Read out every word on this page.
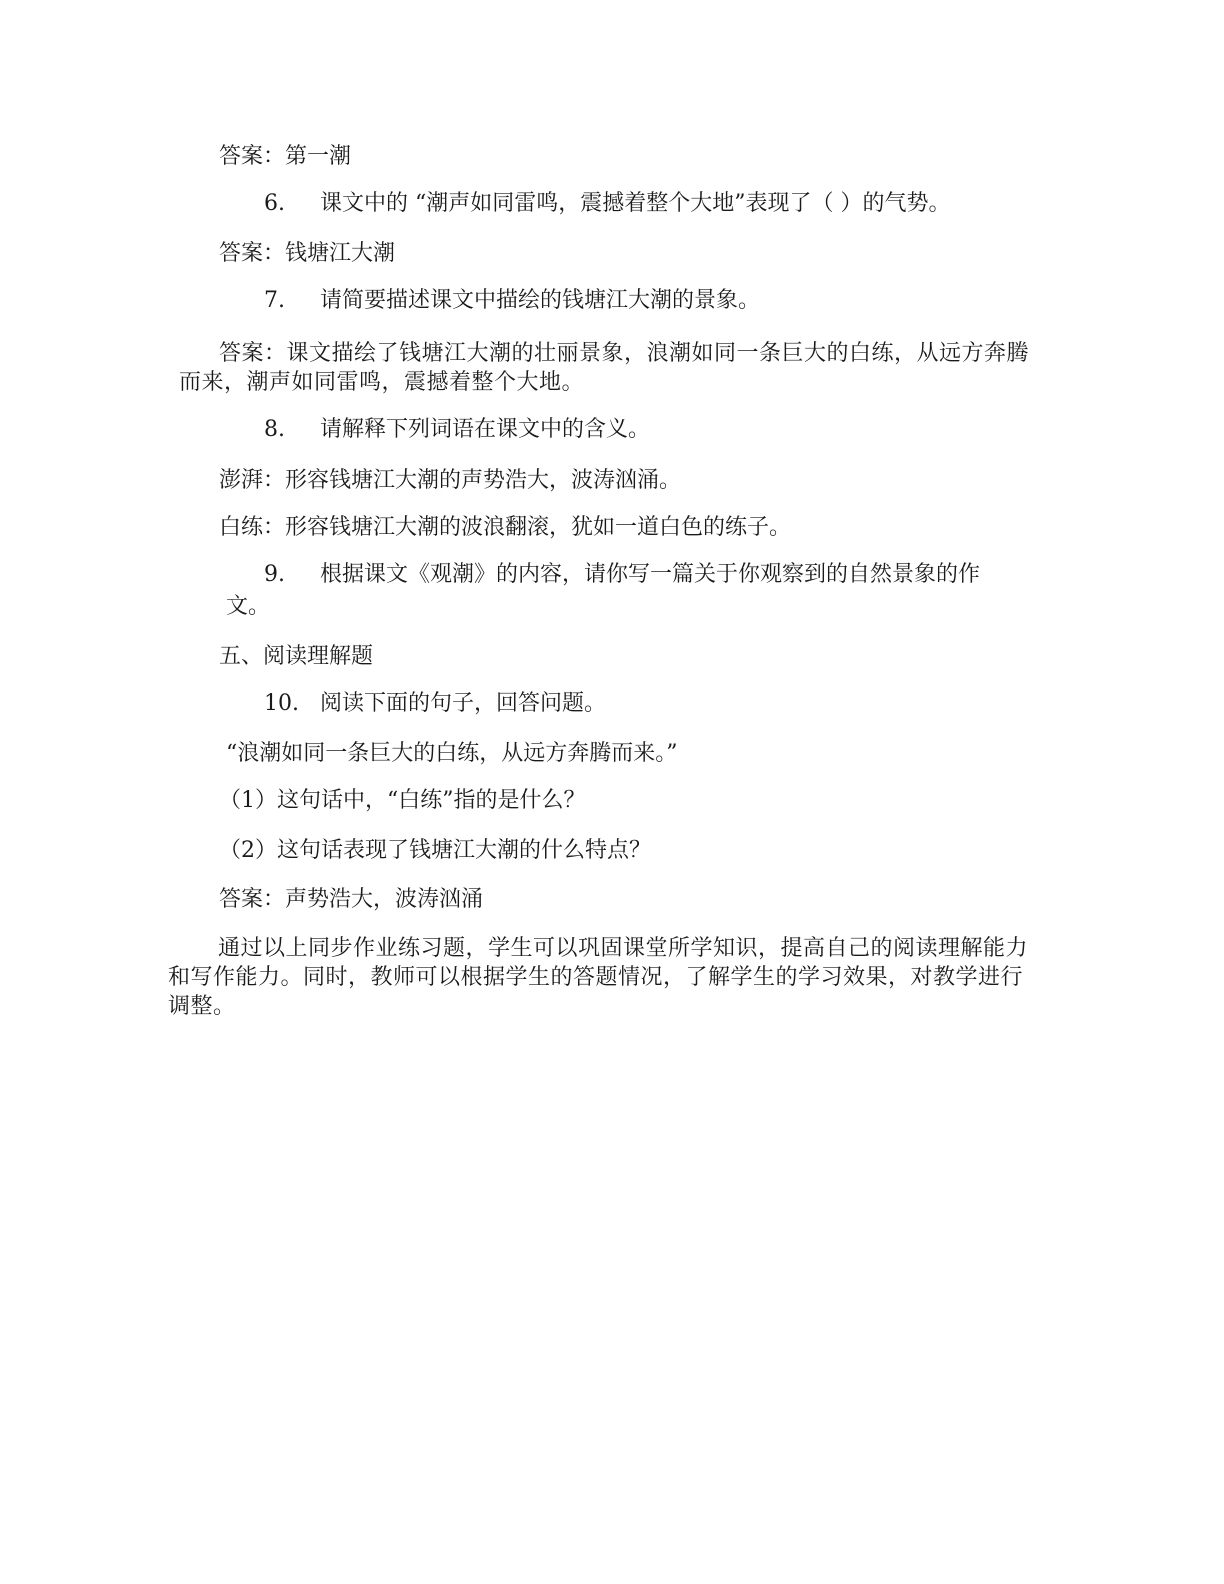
答案：第一潮
6. 课文中的 “潮声如同雷鸣，震撼着整个大地”表现了（ ）的气势。
答案：钱塘江大潮
7. 请简要描述课文中描绘的钱塘江大潮的景象。
答案：课文描绘了钱塘江大潮的壮丽景象，浪潮如同一条巨大的白练，从远方奔腾而来，潮声如同雷鸣，震撼着整个大地。
8. 请解释下列词语在课文中的含义。
澎湃：形容钱塘江大潮的声势浩大，波涛汹涌。
白练：形容钱塘江大潮的波浪翻滚，犹如一道白色的练子。
9. 根据课文《观潮》的内容，请你写一篇关于你观察到的自然景象的作
文。
五、阅读理解题
10. 阅读下面的句子，回答问题。
“浪潮如同一条巨大的白练，从远方奔腾而来。”
（1）这句话中，“白练”指的是什么？
（2）这句话表现了钱塘江大潮的什么特点？
答案：声势浩大，波涛汹涌
通过以上同步作业练习题，学生可以巩固课堂所学知识，提高自己的阅读理解能力和写作能力。同时，教师可以根据学生的答题情况，了解学生的学习效果，对教学进行调整。
